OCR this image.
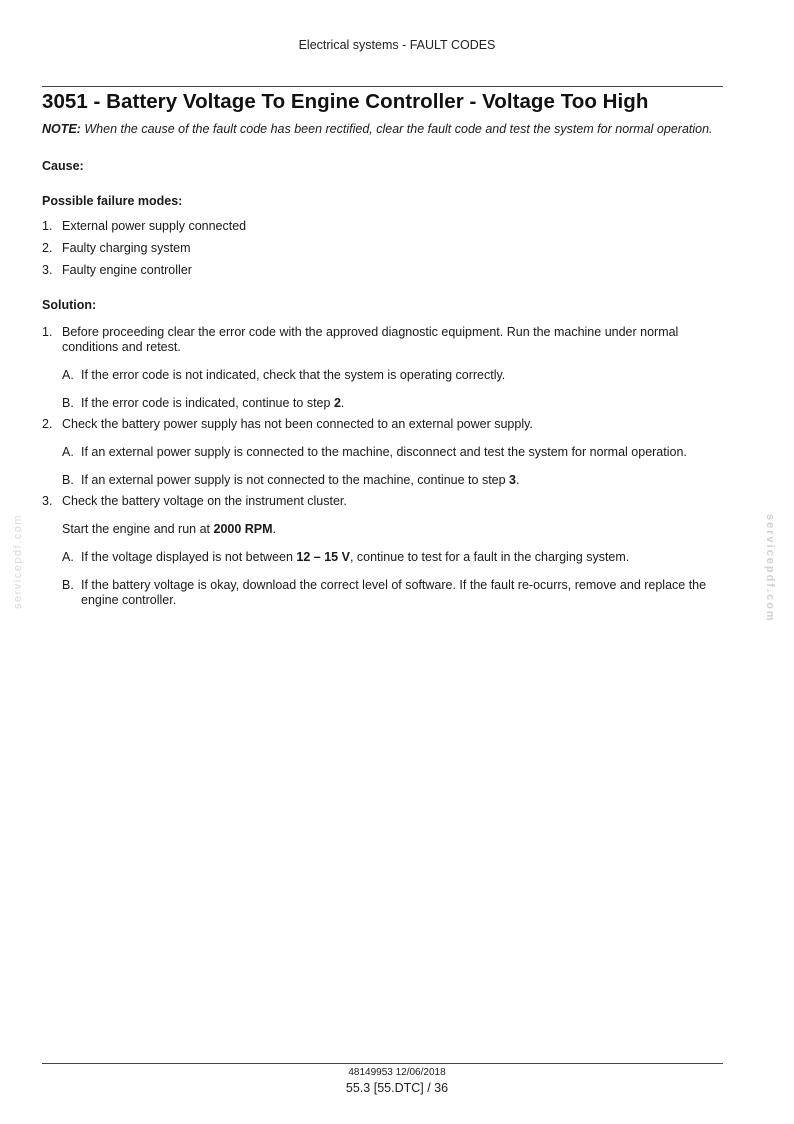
Electrical systems - FAULT CODES
3051 - Battery Voltage To Engine Controller - Voltage Too High

NOTE: When the cause of the fault code has been rectified, clear the fault code and test the system for normal operation.

Cause:

Possible failure modes:

1. External power supply connected
2. Faulty charging system
3. Faulty engine controller

Solution:

1. Before proceeding clear the error code with the approved diagnostic equipment. Run the machine under normal conditions and retest.
A. If the error code is not indicated, check that the system is operating correctly.
B. If the error code is indicated, continue to step 2.
2. Check the battery power supply has not been connected to an external power supply.
A. If an external power supply is connected to the machine, disconnect and test the system for normal operation.
B. If an external power supply is not connected to the machine, continue to step 3.
3. Check the battery voltage on the instrument cluster.
Start the engine and run at 2000 RPM.
A. If the voltage displayed is not between 12 – 15 V, continue to test for a fault in the charging system.
B. If the battery voltage is okay, download the correct level of software. If the fault re-ocurrs, remove and replace the engine controller.
servicepdf.com	servicepdf.com
48149953 12/06/2018
55.3 [55.DTC] / 36
